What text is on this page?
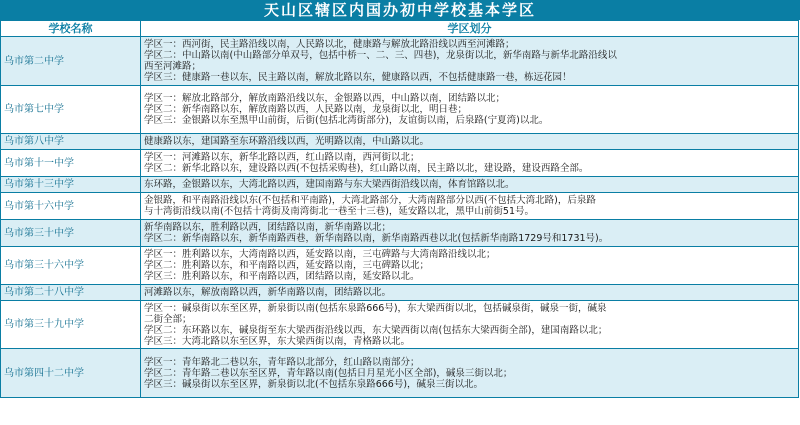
天山区辖区内国办初中学校基本学区
学校名称	学区划分
乌市第二中学	学区一：西河街，民主路沿线以南，人民路以北，健康路与解放北路沿线以西至河滩路；
学区二：中山路以南(中山路部分单双号，包括中桥一、二、三、四巷)，龙泉街以北，新华南路与新华北路沿线以
西至河滩路；
学区三：健康路一巷以东，民主路以南，解放北路以东，健康路以西，不包括健康路一巷，栋远花园！

乌市第七中学	学区一：解放北路部分，解放南路沿线以东，金银路以西，中山路以南，团结路以北；
学区二：新华南路以东，解放南路以西，人民路以南，龙泉街以北，明日巷；
学区三：金银路以东至黑甲山前街，后街(包括北湾街部分)，友谊街以南，后泉路(宁夏湾)以北。

乌市第八中学	健康路以东，建国路至东环路沿线以西，光明路以南，中山路以北。

乌市第十一中学	学区一：河滩路以东，新华北路以西，红山路以南，西河街以北；
学区二：新华北路以东，建设路以西(不包括采购巷)，红山路以南，民主路以北，建设路，建设西路全部。

乌市第十三中学	东环路，金银路以东，大湾北路以西，建国南路与东大梁西街沿线以南，体育馆路以北。

乌市第十六中学	金银路，和平南路沿线以东(不包括和平南路)，大湾北路部分，大湾南路部分以西(不包括大湾北路)，后泉路
与十湾街沿线以南(不包括十湾街及南湾街北一巷至十三巷)，延安路以北，黑甲山前街51号。

乌市第三十中学	新华南路以东，胜利路以西，团结路以南，新华南路以北；
学区二：新华南路以东，新华南路西巷，新华南路以南，新华南路西巷以北(包括新华南路1729号和1731号)。

乌市第三十六中学	学区一：胜利路以东，大湾南路以西，延安路以南，三屯碑路与大湾南路沿线以北；
学区二：胜利路以东，和平南路以西，延安路以南，三屯碑路以北；
学区三：胜利路以东，和平南路以西，团结路以南，延安路以北。

乌市第二十八中学	河滩路以东，解放南路以西，新华南路以南，团结路以北。

乌市第三十九中学	学区一：碱泉街以东至区界，新泉街以南(包括东泉路666号)，东大梁西街以北，包括碱泉街，碱泉一街，碱泉
二街全部；
学区二：东环路以东，碱泉街至东大梁西街沿线以西，东大梁西街以南(包括东大梁西街全部)，建国南路以北；
学区三：大湾北路以东至区界，东大梁西街以南，青格路以北。

乌市第四十二中学	学区一：青年路北二巷以东，青年路以北部分，红山路以南部分；
学区二：青年路二巷以东至区界，青年路以南(包括日月星光小区全部)，碱泉三街以北；
学区三：碱泉街以东至区界，新泉街以北(不包括东泉路666号)，碱泉三街以北。
